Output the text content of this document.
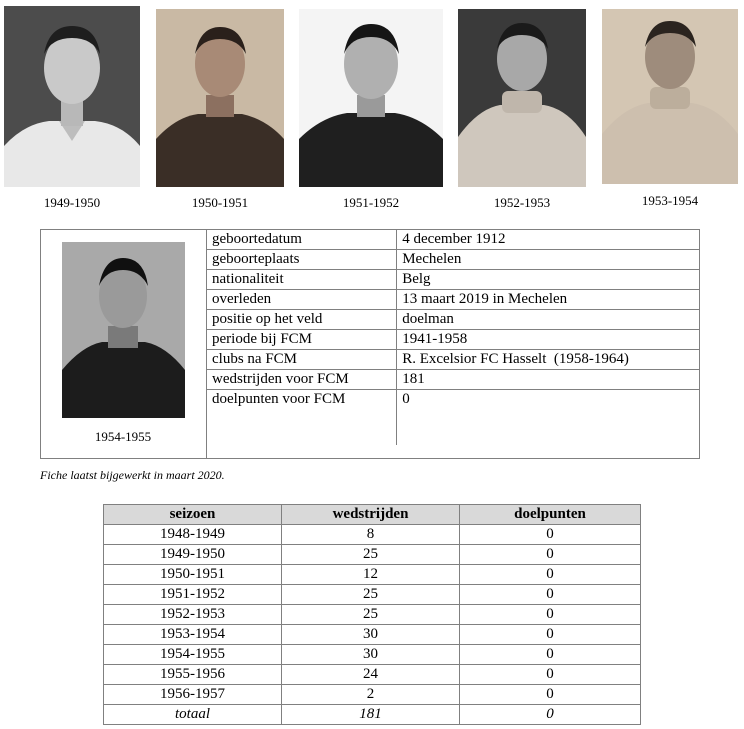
1949-1950	1950-1951	1951-1952	1952-1953	1953-1954
1954-1955
geboortedatum	4 december 1912
geboorteplaats	Mechelen
nationaliteit	Belg
overleden	13 maart 2019 in Mechelen
positie op het veld	doelman
periode bij FCM	1941-1958
clubs na FCM	R. Excelsior FC Hasselt  (1958-1964)
wedstrijden voor FCM	181
doelpunten voor FCM	0
Fiche laatst bijgewerkt in maart 2020.
seizoen	wedstrijden	doelpunten
1948-1949	8	0
1949-1950	25	0
1950-1951	12	0
1951-1952	25	0
1952-1953	25	0
1953-1954	30	0
1954-1955	30	0
1955-1956	24	0
1956-1957	2	0
totaal	181	0
